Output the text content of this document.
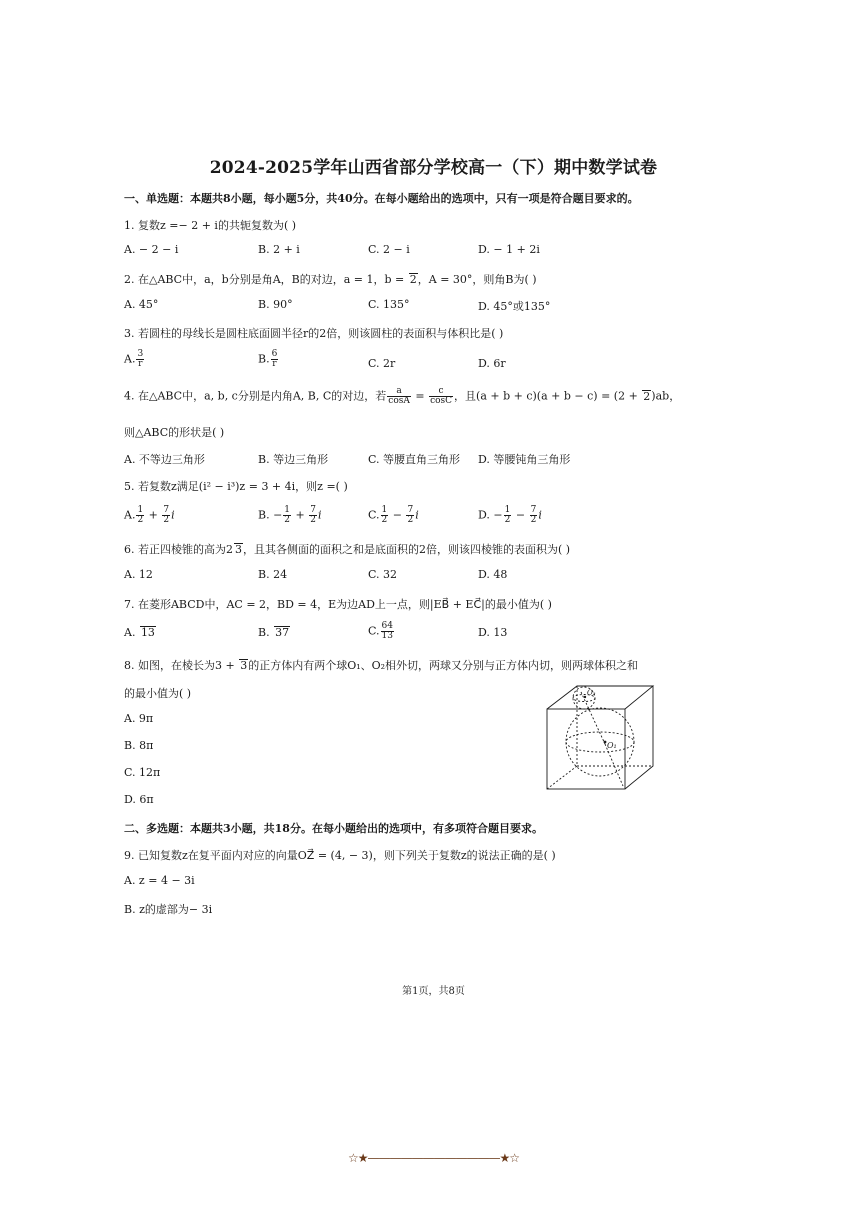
2024-2025学年山西省部分学校高一（下）期中数学试卷
一、单选题：本题共8小题，每小题5分，共40分。在每小题给出的选项中，只有一项是符合题目要求的。
1. 复数z =− 2 + i的共轭复数为( )
A. − 2 − i	B. 2 + i	C. 2 − i	D. − 1 + 2i
2. 在△ABC中，a，b分别是角A，B的对边，a = 1，b = 2，A = 30°，则角B为( )
A. 45°	B. 90°	C. 135°	D. 45°或135°
3. 若圆柱的母线长是圆柱底面圆半径r的2倍，则该圆柱的表面积与体积比是( )
A. $\frac{3}{r}$	B. $\frac{6}{r}$	C. 2r	D. 6r
4. 在△ABC中，a, b, c分别是内角A, B, C的对边，若 $\frac{a}{\cos A} = \frac{c}{\cos C}$ ，且(a + b + c)(a + b − c) = (2 + 2)ab，
则△ABC的形状是( )
A. 不等边三角形	B. 等边三角形	C. 等腰直角三角形 D. 等腰钝角三角形
5. 若复数z满足(i² − i³)z = 3 + 4i，则z =( )
A. $\frac{1}{2} + \frac{7}{2}$ i	B. − $\frac{1}{2} + \frac{7}{2}$ i	C. $\frac{1}{2} - \frac{7}{2}$ i	D. − $\frac{1}{2} - \frac{7}{2}$ i
6. 若正四棱锥的高为2 3，且其各侧面的面积之和是底面积的2倍，则该四棱锥的表面积为( )
A. 12	B. 24	C. 32	D. 48
7. 在菱形ABCD中，AC = 2，BD = 4，E为边AD上一点，则|EB⃗ + EC⃗|的最小值为( )
A. 13	B. 37	C. $\frac{64}{13}$	D. 13
8. 如图，在棱长为3 + 3的正方体内有两个球O₁、O₂相外切，两球又分别与正方体内切，则两球体积之和
的最小值为( )
A. 9π
B. 8π
C. 12π
D. 6π
O₁
O₂
二、多选题：本题共3小题，共18分。在每小题给出的选项中，有多项符合题目要求。
9. 已知复数z在复平面内对应的向量OZ⃗ = (4, − 3)，则下列关于复数z的说法正确的是( )
A. z = 4 − 3i
B. z的虚部为− 3i
第1页，共8页
☆★————————————★☆
